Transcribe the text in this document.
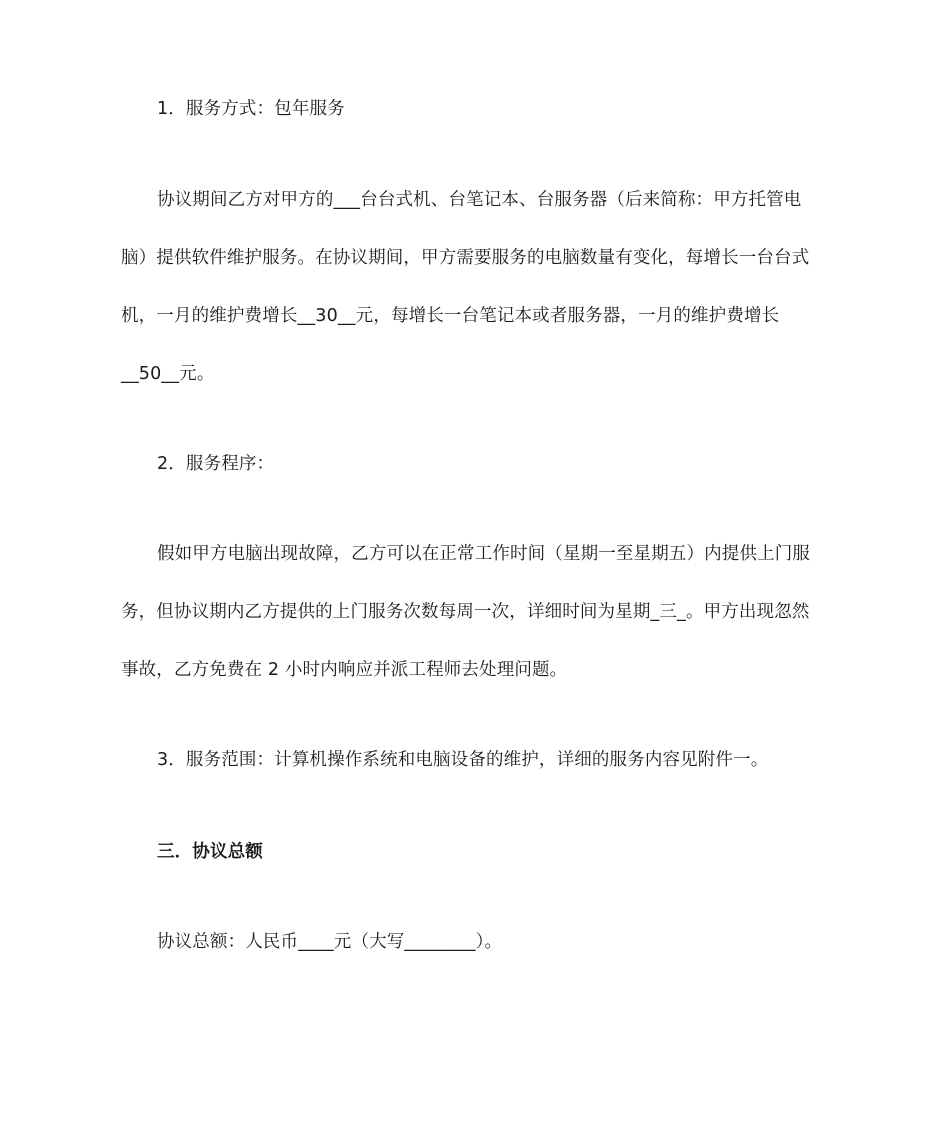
1．服务方式：包年服务
协议期间乙方对甲方的___台台式机、台笔记本、台服务器（后来简称：甲方托管电
脑）提供软件维护服务。在协议期间，甲方需要服务的电脑数量有变化，每增长一台台式
机，一月的维护费增长__30__元，每增长一台笔记本或者服务器，一月的维护费增长
__50__元。
2．服务程序：
假如甲方电脑出现故障，乙方可以在正常工作时间（星期一至星期五）内提供上门服
务，但协议期内乙方提供的上门服务次数每周一次，详细时间为星期_三_。甲方出现忽然
事故，乙方免费在 2 小时内响应并派工程师去处理问题。
3．服务范围：计算机操作系统和电脑设备的维护，详细的服务内容见附件一。
三．协议总额
协议总额：人民币____元（大写________）。
